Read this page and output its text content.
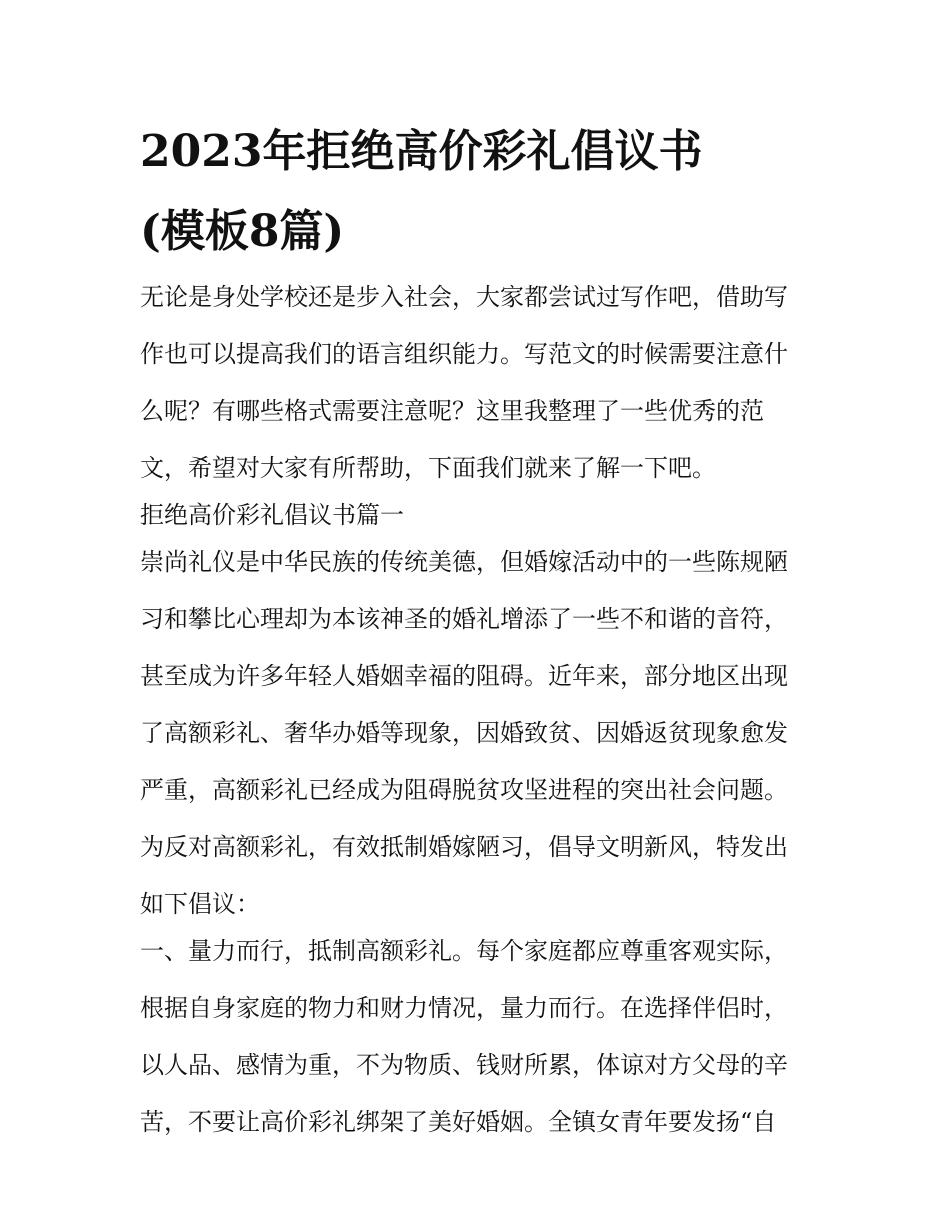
2023年拒绝高价彩礼倡议书
(模板8篇)
无论是身处学校还是步入社会，大家都尝试过写作吧，借助写
作也可以提高我们的语言组织能力。写范文的时候需要注意什
么呢？有哪些格式需要注意呢？这里我整理了一些优秀的范
文，希望对大家有所帮助，下面我们就来了解一下吧。
拒绝高价彩礼倡议书篇一
崇尚礼仪是中华民族的传统美德，但婚嫁活动中的一些陈规陋
习和攀比心理却为本该神圣的婚礼增添了一些不和谐的音符，
甚至成为许多年轻人婚姻幸福的阻碍。近年来，部分地区出现
了高额彩礼、奢华办婚等现象，因婚致贫、因婚返贫现象愈发
严重，高额彩礼已经成为阻碍脱贫攻坚进程的突出社会问题。
为反对高额彩礼，有效抵制婚嫁陋习，倡导文明新风，特发出
如下倡议：
一、量力而行，抵制高额彩礼。每个家庭都应尊重客观实际，
根据自身家庭的物力和财力情况，量力而行。在选择伴侣时，
以人品、感情为重，不为物质、钱财所累，体谅对方父母的辛
苦，不要让高价彩礼绑架了美好婚姻。全镇女青年要发扬“自
